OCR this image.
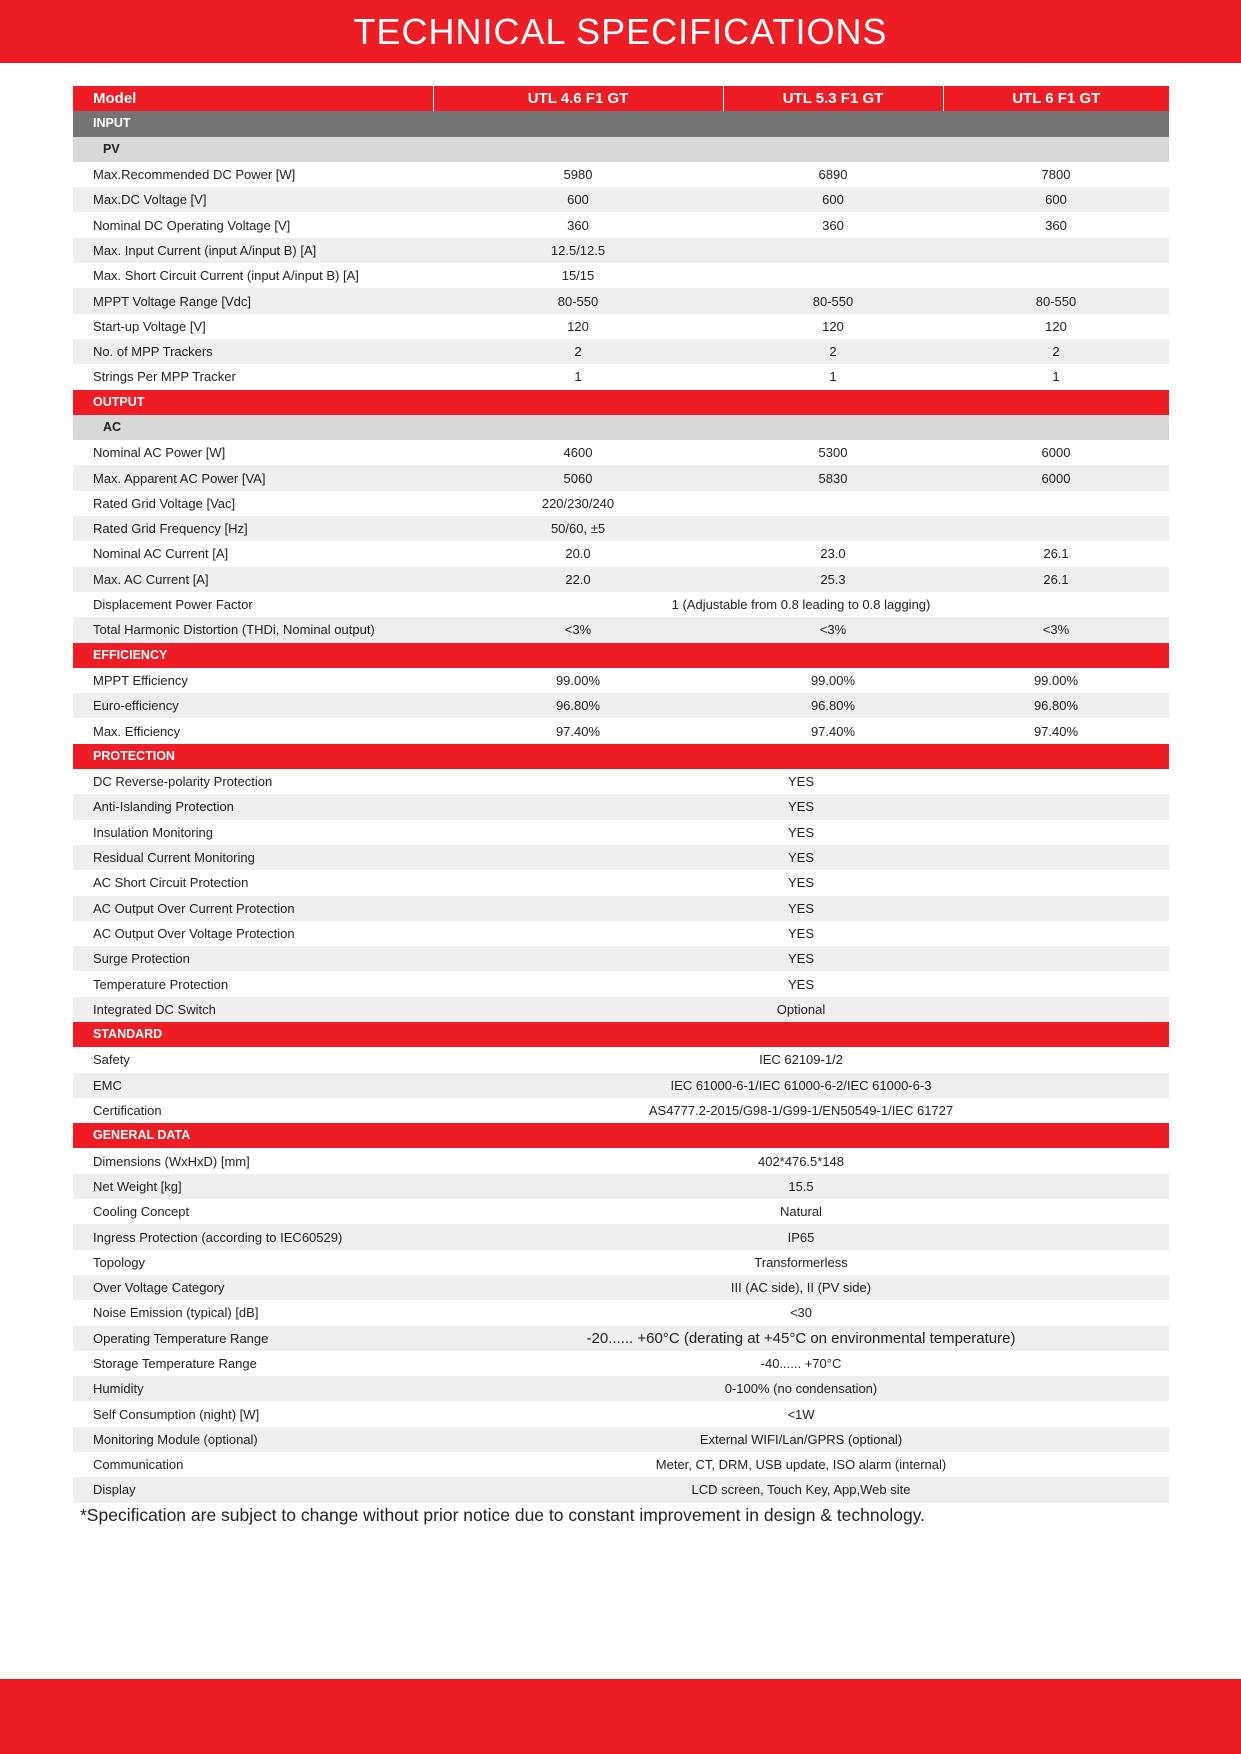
TECHNICAL SPECIFICATIONS
Model	UTL 4.6 F1 GT	UTL 5.3 F1 GT	UTL 6 F1 GT
INPUT			
PV			
Max.Recommended DC Power [W]	5980	6890	7800
Max.DC Voltage [V]	600	600	600
Nominal DC Operating Voltage [V]	360	360	360
Max. Input Current (input A/input B) [A]	12.5/12.5		
Max. Short Circuit Current (input A/input B) [A]	15/15		
MPPT Voltage Range [Vdc]	80-550	80-550	80-550
Start-up Voltage [V]	120	120	120
No. of MPP Trackers	2	2	2
Strings Per MPP Tracker	1	1	1
OUTPUT			
AC			
Nominal AC Power [W]	4600	5300	6000
Max. Apparent AC Power [VA]	5060	5830	6000
Rated Grid Voltage [Vac]	220/230/240		
Rated Grid Frequency [Hz]	50/60, ±5		
Nominal AC Current [A]	20.0	23.0	26.1
Max. AC Current [A]	22.0	25.3	26.1
Displacement Power Factor	1 (Adjustable from 0.8 leading to 0.8 lagging)		
Total Harmonic Distortion (THDi, Nominal output)	<3%	<3%	<3%
EFFICIENCY			
MPPT Efficiency	99.00%	99.00%	99.00%
Euro-efficiency	96.80%	96.80%	96.80%
Max. Efficiency	97.40%	97.40%	97.40%
PROTECTION			
DC Reverse-polarity Protection	YES		
Anti-Islanding Protection	YES		
Insulation Monitoring	YES		
Residual Current Monitoring	YES		
AC Short Circuit Protection	YES		
AC Output Over Current Protection	YES		
AC Output Over Voltage Protection	YES		
Surge Protection	YES		
Temperature Protection	YES		
Integrated DC Switch	Optional		
STANDARD			
Safety	IEC 62109-1/2		
EMC	IEC 61000-6-1/IEC 61000-6-2/IEC 61000-6-3		
Certification	AS4777.2-2015/G98-1/G99-1/EN50549-1/IEC 61727		
GENERAL DATA			
Dimensions (WxHxD) [mm]	402*476.5*148		
Net Weight [kg]	15.5		
Cooling Concept	Natural		
Ingress Protection (according to IEC60529)	IP65		
Topology	Transformerless		
Over Voltage Category	III (AC side), II (PV side)		
Noise Emission (typical) [dB]	<30		
Operating Temperature Range	-20...... +60°C (derating at +45°C on environmental temperature)		
Storage Temperature Range	-40...... +70°C		
Humidity	0-100% (no condensation)		
Self Consumption (night) [W]	<1W		
Monitoring Module (optional)	External WIFI/Lan/GPRS (optional)		
Communication	Meter, CT, DRM, USB update, ISO alarm (internal)		
Display	LCD screen, Touch Key, App,Web site		
*Specification are subject to change without prior notice due to constant improvement in design & technology.
